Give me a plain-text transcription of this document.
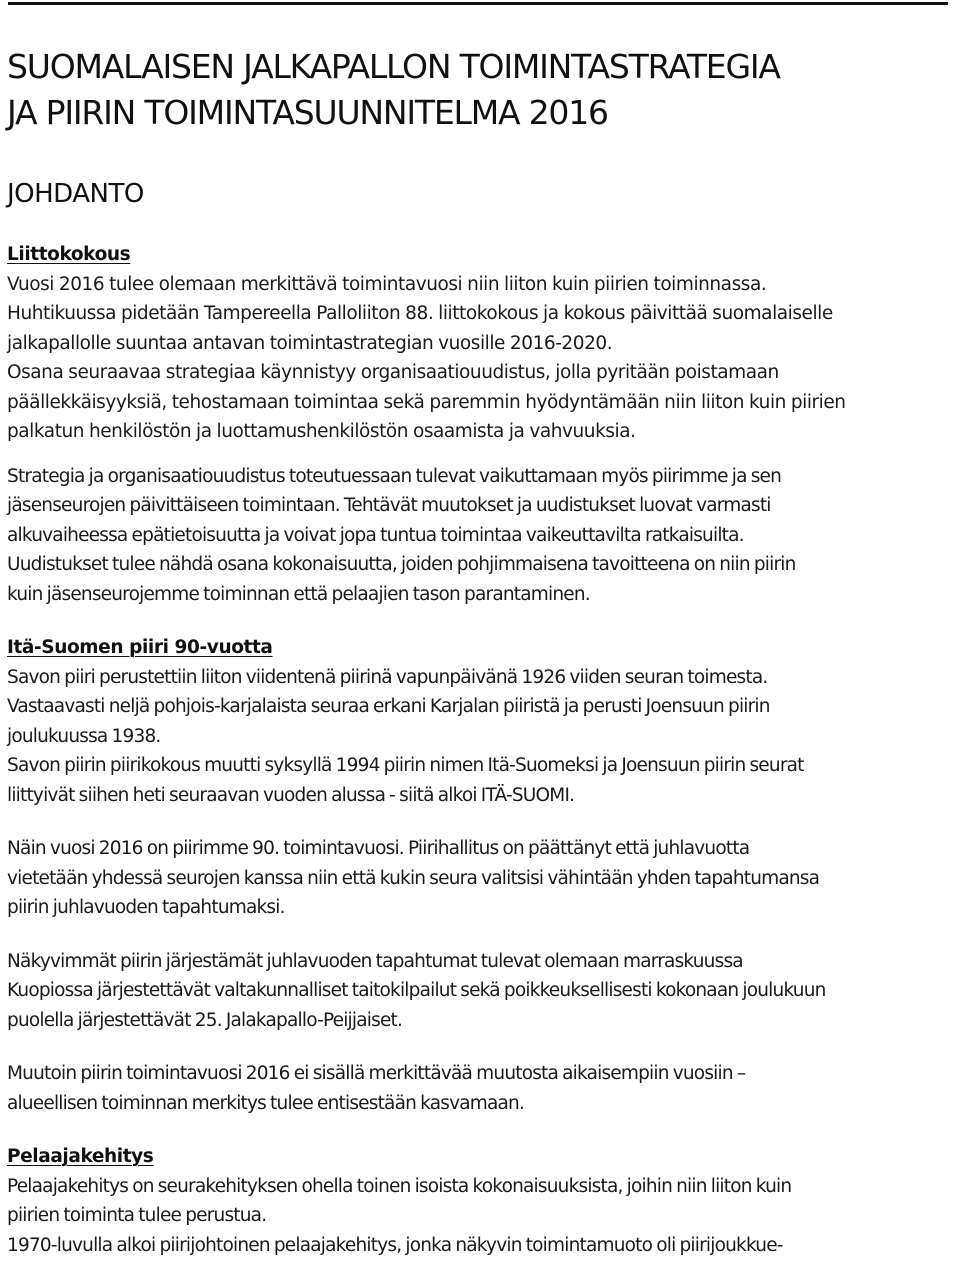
SUOMALAISEN JALKAPALLON TOIMINTASTRATEGIA
JA PIIRIN TOIMINTASUUNNITELMA 2016
JOHDANTO
Liittokokous

Vuosi 2016 tulee olemaan merkittävä toimintavuosi niin liiton kuin piirien toiminnassa.
Huhtikuussa pidetään Tampereella Palloliiton 88. liittokokous ja kokous päivittää suomalaiselle
jalkapallolle suuntaa antavan toimintastrategian vuosille 2016-2020.
Osana seuraavaa strategiaa käynnistyy organisaatiouudistus, jolla pyritään poistamaan
päällekkäisyyksiä, tehostamaan toimintaa sekä paremmin hyödyntämään niin liiton kuin piirien
palkatun henkilöstön ja luottamushenkilöstön osaamista ja vahvuuksia.

Strategia ja organisaatiouudistus toteutuessaan tulevat vaikuttamaan myös piirimme ja sen
jäsenseurojen päivittäiseen toimintaan. Tehtävät muutokset ja uudistukset luovat varmasti
alkuvaiheessa epätietoisuutta ja voivat jopa tuntua toimintaa vaikeuttavilta ratkaisuilta.
Uudistukset tulee nähdä osana kokonaisuutta, joiden pohjimmaisena tavoitteena on niin piirin
kuin jäsenseurojemme toiminnan että pelaajien tason parantaminen.

Itä-Suomen piiri 90-vuotta

Savon piiri perustettiin liiton viidentenä piirinä vapunpäivänä 1926 viiden seuran toimesta.
Vastaavasti neljä pohjois-karjalaista seuraa erkani Karjalan piiristä ja perusti Joensuun piirin
joulukuussa 1938.
Savon piirin piirikokous muutti syksyllä 1994 piirin nimen Itä-Suomeksi ja Joensuun piirin seurat
liittyivät siihen heti seuraavan vuoden alussa - siitä alkoi ITÄ-SUOMI.

Näin vuosi 2016 on piirimme 90. toimintavuosi. Piirihallitus on päättänyt että juhlavuotta
vietetään yhdessä seurojen kanssa niin että kukin seura valitsisi vähintään yhden tapahtumansa
piirin juhlavuoden tapahtumaksi.

Näkyvimmät piirin järjestämät juhlavuoden tapahtumat tulevat olemaan marraskuussa
Kuopiossa järjestettävät valtakunnalliset taitokilpailut sekä poikkeuksellisesti kokonaan joulukuun
puolella järjestettävät 25. Jalakapallo-Peijjaiset.

Muutoin piirin toimintavuosi 2016 ei sisällä merkittävää muutosta aikaisempiin vuosiin –
alueellisen toiminnan merkitys tulee entisestään kasvamaan.

Pelaajakehitys

Pelaajakehitys on seurakehityksen ohella toinen isoista kokonaisuuksista, joihin niin liiton kuin
piirien toiminta tulee perustua.
1970-luvulla alkoi piirijohtoinen pelaajakehitys, jonka näkyvin toimintamuoto oli piirijoukkue-
